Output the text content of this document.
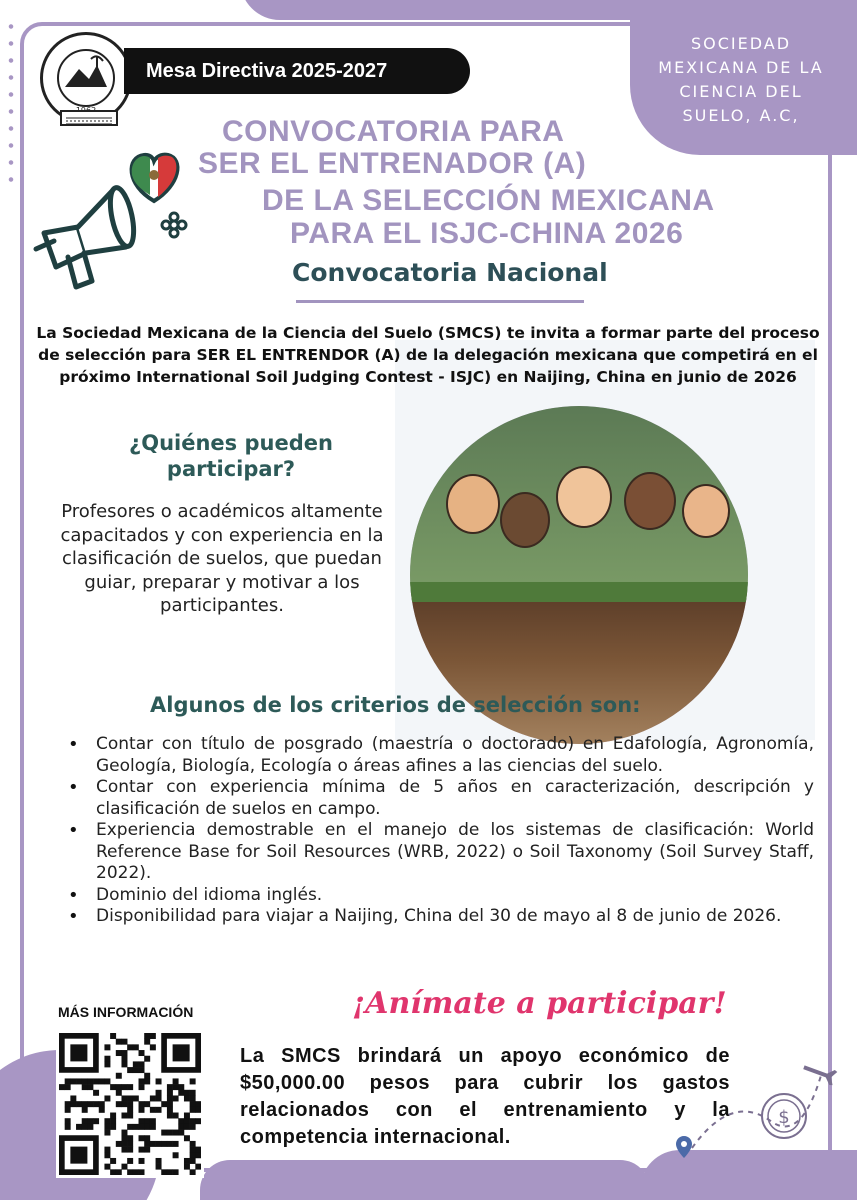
SOCIEDAD
MEXICANA DE LA
CIENCIA DEL
SUELO, A.C,
Mesa Directiva 2025-2027
CONVOCATORIA PARA
SER EL ENTRENADOR (A)
DE LA SELECCIÓN MEXICANA
PARA EL ISJC-CHINA 2026
Convocatoria Nacional
La Sociedad Mexicana de la Ciencia del Suelo (SMCS) te invita a formar parte del proceso de selección para SER EL ENTRENDOR (A) de la delegación mexicana que competirá en el próximo International Soil Judging Contest - ISJC) en Naijing, China en junio de 2026
¿Quiénes pueden participar?
Profesores o académicos altamente capacitados y con experiencia en la clasificación de suelos, que puedan guiar, preparar y motivar a los participantes.
Algunos de los criterios de selección son:
• Contar con título de posgrado (maestría o doctorado) en Edafología, Agronomía, Geología, Biología, Ecología o áreas afines a las ciencias del suelo.
• Contar con experiencia mínima de 5 años en caracterización, descripción y clasificación de suelos en campo.
• Experiencia demostrable en el manejo de los sistemas de clasificación: World Reference Base for Soil Resources (WRB, 2022) o Soil Taxonomy (Soil Survey Staff, 2022).
• Dominio del idioma inglés.
• Disponibilidad para viajar a Naijing, China del 30 de mayo al 8 de junio de 2026.
MÁS INFORMACIÓN	¡Anímate a participar!
La SMCS brindará un apoyo económico de $50,000.00 pesos para cubrir los gastos relacionados con el entrenamiento y la competencia internacional.
$
